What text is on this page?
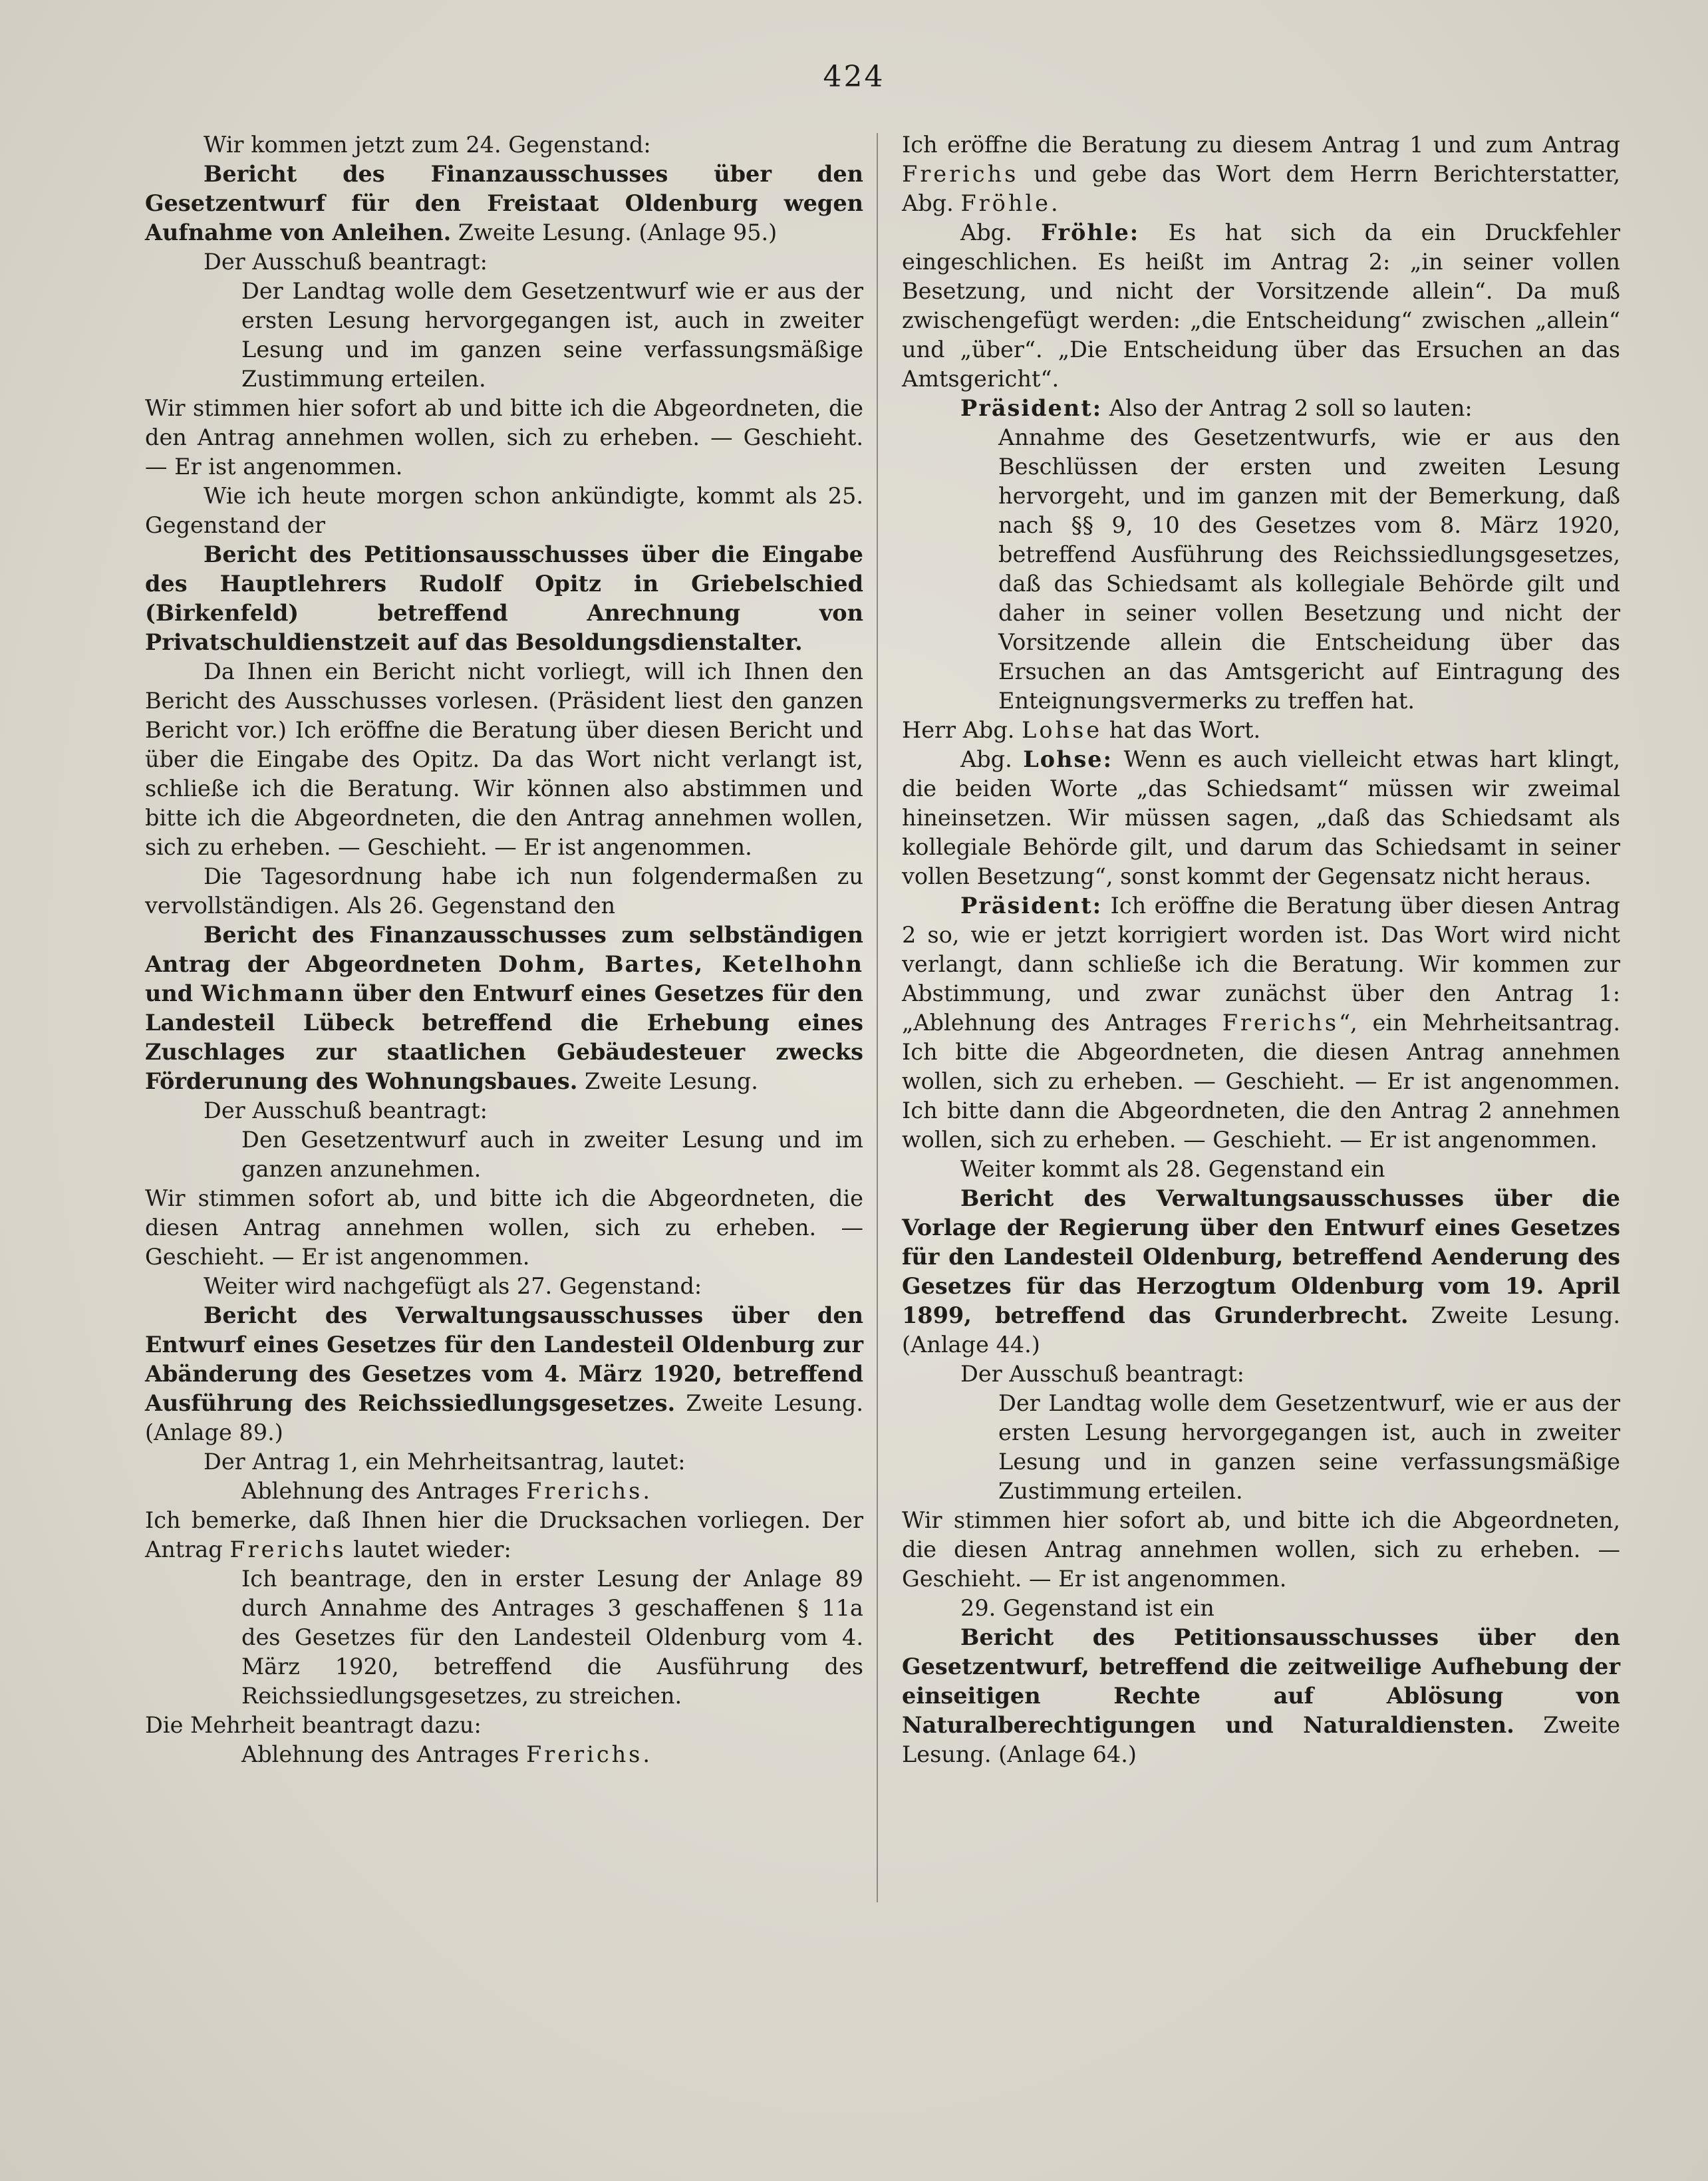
424

Wir kommen jetzt zum 24. Gegenstand:

Bericht des Finanzausschusses über den Gesetzentwurf für den Freistaat Oldenburg wegen Aufnahme von Anleihen. Zweite Lesung. (Anlage 95.)

Der Ausschuß beantragt:

Der Landtag wolle dem Gesetzentwurf wie er aus der ersten Lesung hervorgegangen ist, auch in zweiter Lesung und im ganzen seine verfassungsmäßige Zustimmung erteilen.

Wir stimmen hier sofort ab und bitte ich die Abgeordneten, die den Antrag annehmen wollen, sich zu erheben. — Geschieht. — Er ist angenommen.

Wie ich heute morgen schon ankündigte, kommt als 25. Gegenstand der

Bericht des Petitionsausschusses über die Eingabe des Hauptlehrers Rudolf Opitz in Griebelschied (Birkenfeld) betreffend Anrechnung von Privatschuldienstzeit auf das Besoldungsdienstalter.

Da Ihnen ein Bericht nicht vorliegt, will ich Ihnen den Bericht des Ausschusses vorlesen. (Präsident liest den ganzen Bericht vor.) Ich eröffne die Beratung über diesen Bericht und über die Eingabe des Opitz. Da das Wort nicht verlangt ist, schließe ich die Beratung. Wir können also abstimmen und bitte ich die Abgeordneten, die den Antrag annehmen wollen, sich zu erheben. — Geschieht. — Er ist angenommen.

Die Tagesordnung habe ich nun folgendermaßen zu vervollständigen. Als 26. Gegenstand den

Bericht des Finanzausschusses zum selbständigen Antrag der Abgeordneten Dohm, Bartes, Ketelhohn und Wichmann über den Entwurf eines Gesetzes für den Landesteil Lübeck betreffend die Erhebung eines Zuschlages zur staatlichen Gebäudesteuer zwecks Förderunung des Wohnungsbaues. Zweite Lesung.

Der Ausschuß beantragt:

Den Gesetzentwurf auch in zweiter Lesung und im ganzen anzunehmen.

Wir stimmen sofort ab, und bitte ich die Abgeordneten, die diesen Antrag annehmen wollen, sich zu erheben. — Geschieht. — Er ist angenommen.

Weiter wird nachgefügt als 27. Gegenstand:

Bericht des Verwaltungsausschusses über den Entwurf eines Gesetzes für den Landesteil Oldenburg zur Abänderung des Gesetzes vom 4. März 1920, betreffend Ausführung des Reichssiedlungsgesetzes. Zweite Lesung. (Anlage 89.)

Der Antrag 1, ein Mehrheitsantrag, lautet:

Ablehnung des Antrages Frerichs.

Ich bemerke, daß Ihnen hier die Drucksachen vorliegen. Der Antrag Frerichs lautet wieder:

Ich beantrage, den in erster Lesung der Anlage 89 durch Annahme des Antrages 3 geschaffenen § 11a des Gesetzes für den Landesteil Oldenburg vom 4. März 1920, betreffend die Ausführung des Reichssiedlungsgesetzes, zu streichen.

Die Mehrheit beantragt dazu:

Ablehnung des Antrages Frerichs.

Ich eröffne die Beratung zu diesem Antrag 1 und zum Antrag Frerichs und gebe das Wort dem Herrn Berichterstatter, Abg. Fröhle.

Abg. Fröhle: Es hat sich da ein Druckfehler eingeschlichen. Es heißt im Antrag 2: „in seiner vollen Besetzung, und nicht der Vorsitzende allein“. Da muß zwischengefügt werden: „die Entscheidung“ zwischen „allein“ und „über“. „Die Entscheidung über das Ersuchen an das Amtsgericht“.

Präsident: Also der Antrag 2 soll so lauten:

Annahme des Gesetzentwurfs, wie er aus den Beschlüssen der ersten und zweiten Lesung hervorgeht, und im ganzen mit der Bemerkung, daß nach §§ 9, 10 des Gesetzes vom 8. März 1920, betreffend Ausführung des Reichssiedlungsgesetzes, daß das Schiedsamt als kollegiale Behörde gilt und daher in seiner vollen Besetzung und nicht der Vorsitzende allein die Entscheidung über das Ersuchen an das Amtsgericht auf Eintragung des Enteignungsvermerks zu treffen hat.

Herr Abg. Lohse hat das Wort.

Abg. Lohse: Wenn es auch vielleicht etwas hart klingt, die beiden Worte „das Schiedsamt“ müssen wir zweimal hineinsetzen. Wir müssen sagen, „daß das Schiedsamt als kollegiale Behörde gilt, und darum das Schiedsamt in seiner vollen Besetzung“, sonst kommt der Gegensatz nicht heraus.

Präsident: Ich eröffne die Beratung über diesen Antrag 2 so, wie er jetzt korrigiert worden ist. Das Wort wird nicht verlangt, dann schließe ich die Beratung. Wir kommen zur Abstimmung, und zwar zunächst über den Antrag 1: „Ablehnung des Antrages Frerichs“, ein Mehrheitsantrag. Ich bitte die Abgeordneten, die diesen Antrag annehmen wollen, sich zu erheben. — Geschieht. — Er ist angenommen. Ich bitte dann die Abgeordneten, die den Antrag 2 annehmen wollen, sich zu erheben. — Geschieht. — Er ist angenommen.

Weiter kommt als 28. Gegenstand ein

Bericht des Verwaltungsausschusses über die Vorlage der Regierung über den Entwurf eines Gesetzes für den Landesteil Oldenburg, betreffend Aenderung des Gesetzes für das Herzogtum Oldenburg vom 19. April 1899, betreffend das Grunderbrecht. Zweite Lesung. (Anlage 44.)

Der Ausschuß beantragt:

Der Landtag wolle dem Gesetzentwurf, wie er aus der ersten Lesung hervorgegangen ist, auch in zweiter Lesung und in ganzen seine verfassungsmäßige Zustimmung erteilen.

Wir stimmen hier sofort ab, und bitte ich die Abgeordneten, die diesen Antrag annehmen wollen, sich zu erheben. — Geschieht. — Er ist angenommen.

29. Gegenstand ist ein

Bericht des Petitionsausschusses über den Gesetzentwurf, betreffend die zeitweilige Aufhebung der einseitigen Rechte auf Ablösung von Naturalberechtigungen und Naturaldiensten. Zweite Lesung. (Anlage 64.)
